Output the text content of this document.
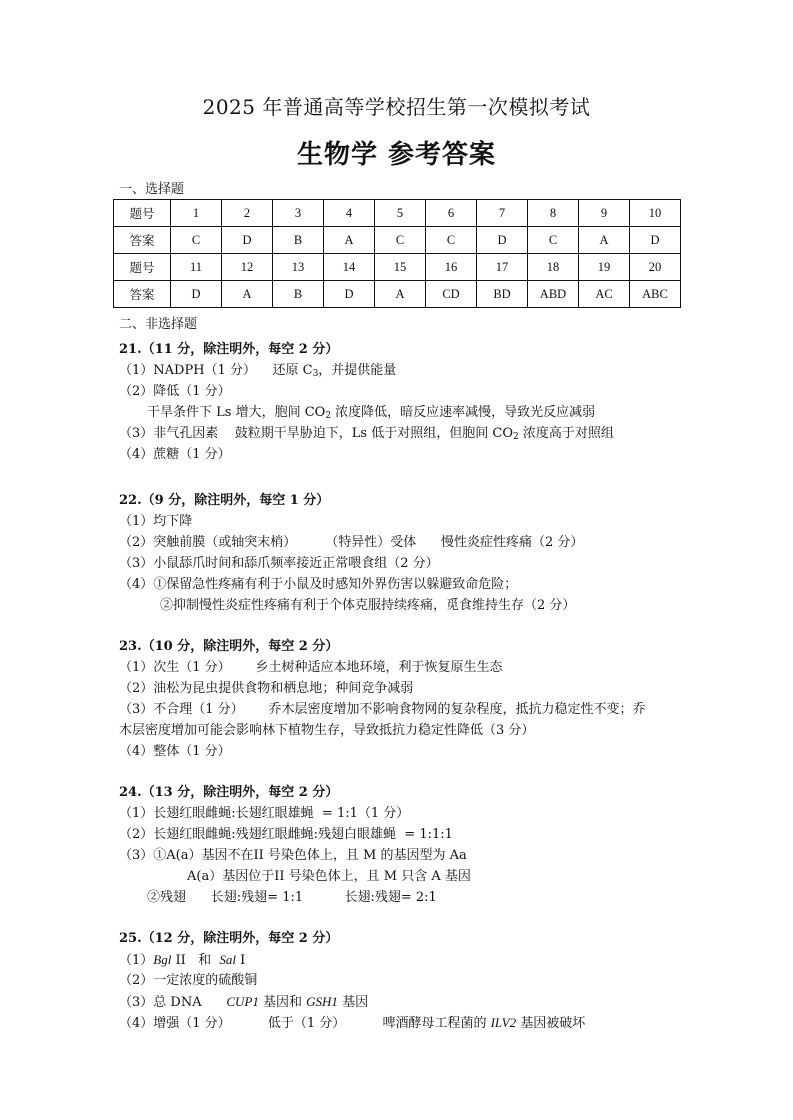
2025 年普通高等学校招生第一次模拟考试
生物学 参考答案
一、选择题
题号	1	2	3	4	5	6	7	8	9	10
答案	C	D	B	A	C	C	D	C	A	D
题号	11	12	13	14	15	16	17	18	19	20
答案	D	A	B	D	A	CD	BD	ABD	AC	ABC
二、非选择题
21.（11 分，除注明外，每空 2 分）
（1）NADPH（1 分）    还原 $C_3$，并提供能量
（2）降低（1 分）
干旱条件下 Ls 增大，胞间 $CO_2$ 浓度降低，暗反应速率减慢，导致光反应减弱
（3）非气孔因素    鼓粒期干旱胁迫下，Ls 低于对照组，但胞间 $CO_2$ 浓度高于对照组
（4）蔗糖（1 分）
22.（9 分，除注明外，每空 1 分）
（1）均下降
（2）突触前膜（或轴突末梢）       （特异性）受体      慢性炎症性疼痛（2 分）
（3）小鼠舔爪时间和舔爪频率接近正常喂食组（2 分）
（4）①保留急性疼痛有利于小鼠及时感知外界伤害以躲避致命危险；
②抑制慢性炎症性疼痛有利于个体克服持续疼痛，觅食维持生存（2 分）
23.（10 分，除注明外，每空 2 分）
（1）次生（1 分）      乡土树种适应本地环境，利于恢复原生生态
（2）油松为昆虫提供食物和栖息地；种间竞争减弱
（3）不合理（1 分）      乔木层密度增加不影响食物网的复杂程度，抵抗力稳定性不变；乔
木层密度增加可能会影响林下植物生存，导致抵抗力稳定性降低（3 分）
（4）整体（1 分）
24.（13 分，除注明外，每空 2 分）
（1）长翅红眼雌蝇:长翅红眼雄蝇  = 1:1（1 分）
（2）长翅红眼雌蝇:残翅红眼雌蝇:残翅白眼雄蝇  = 1:1:1
（3）①A(a）基因不在II 号染色体上，且 M 的基因型为 Aa
A(a）基因位于II 号染色体上，且 M 只含 A 基因
②残翅      长翅:残翅= 1:1          长翅:残翅= 2:1
25.（12 分，除注明外，每空 2 分）
（1）Bgl II   和  Sal I
（2）一定浓度的硫酸铜
（3）总 DNA      CUP1 基因和 GSH1 基因
（4）增强（1 分）         低于（1 分）         啤酒酵母工程菌的 ILV2 基因被破坏
